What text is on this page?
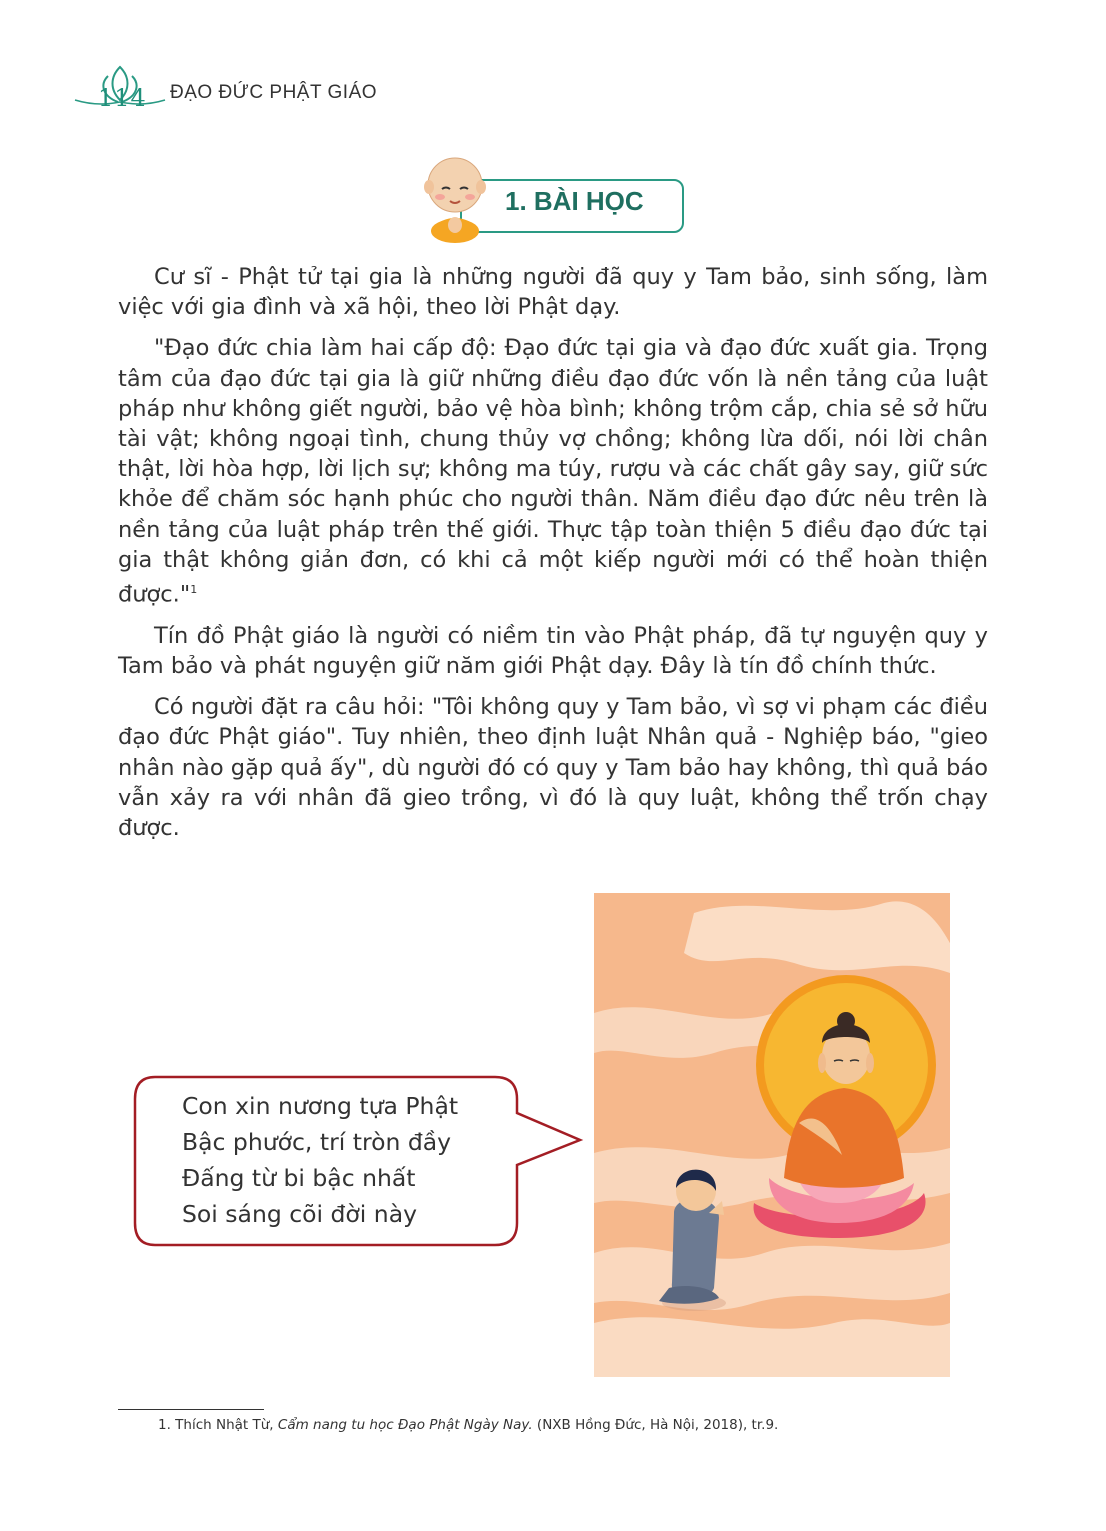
114 ĐẠO ĐỨC PHẬT GIÁO
1. BÀI HỌC

Cư sĩ - Phật tử tại gia là những người đã quy y Tam bảo, sinh sống, làm việc với gia đình và xã hội, theo lời Phật dạy.

"Đạo đức chia làm hai cấp độ: Đạo đức tại gia và đạo đức xuất gia. Trọng tâm của đạo đức tại gia là giữ những điều đạo đức vốn là nền tảng của luật pháp như không giết người, bảo vệ hòa bình; không trộm cắp, chia sẻ sở hữu tài vật; không ngoại tình, chung thủy vợ chồng; không lừa dối, nói lời chân thật, lời hòa hợp, lời lịch sự; không ma túy, rượu và các chất gây say, giữ sức khỏe để chăm sóc hạnh phúc cho người thân. Năm điều đạo đức nêu trên là nền tảng của luật pháp trên thế giới. Thực tập toàn thiện 5 điều đạo đức tại gia thật không giản đơn, có khi cả một kiếp người mới có thể hoàn thiện được."$^1$

Tín đồ Phật giáo là người có niềm tin vào Phật pháp, đã tự nguyện quy y Tam bảo và phát nguyện giữ năm giới Phật dạy. Đây là tín đồ chính thức.

Có người đặt ra câu hỏi: "Tôi không quy y Tam bảo, vì sợ vi phạm các điều đạo đức Phật giáo". Tuy nhiên, theo định luật Nhân quả - Nghiệp báo, "gieo nhân nào gặp quả ấy", dù người đó có quy y Tam bảo hay không, thì quả báo vẫn xảy ra với nhân đã gieo trồng, vì đó là quy luật, không thể trốn chạy được.

Con xin nương tựa Phật
Bậc phước, trí tròn đầy
Đấng từ bi bậc nhất
Soi sáng cõi đời này
1. Thích Nhật Từ, Cẩm nang tu học Đạo Phật Ngày Nay. (NXB Hồng Đức, Hà Nội, 2018), tr.9.
